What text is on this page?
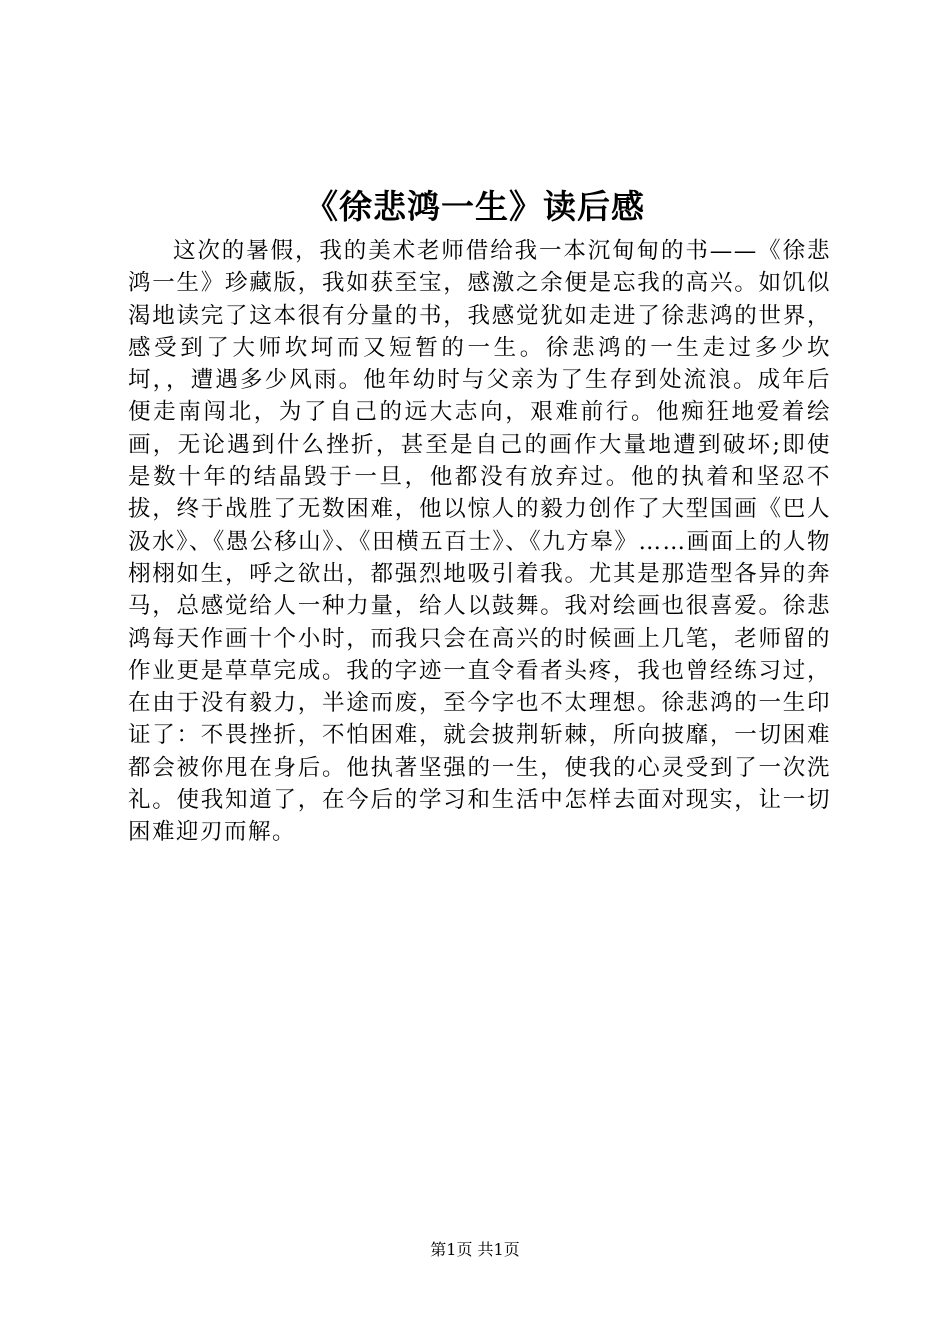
《徐悲鸿一生》读后感
这次的暑假，我的美术老师借给我一本沉甸甸的书——《徐悲鸿一生》珍藏版，我如获至宝，感激之余便是忘我的高兴。如饥似渴地读完了这本很有分量的书，我感觉犹如走进了徐悲鸿的世界，感受到了大师坎坷而又短暂的一生。徐悲鸿的一生走过多少坎坷，，遭遇多少风雨。他年幼时与父亲为了生存到处流浪。成年后便走南闯北，为了自己的远大志向，艰难前行。他痴狂地爱着绘画，无论遇到什么挫折，甚至是自己的画作大量地遭到破坏;即使是数十年的结晶毁于一旦，他都没有放弃过。他的执着和坚忍不拔，终于战胜了无数困难，他以惊人的毅力创作了大型国画《巴人汲水》、《愚公移山》、《田横五百士》、《九方皋》……画面上的人物栩栩如生，呼之欲出，都强烈地吸引着我。尤其是那造型各异的奔马，总感觉给人一种力量，给人以鼓舞。我对绘画也很喜爱。徐悲鸿每天作画十个小时，而我只会在高兴的时候画上几笔，老师留的作业更是草草完成。我的字迹一直令看者头疼，我也曾经练习过，在由于没有毅力，半途而废，至今字也不太理想。徐悲鸿的一生印证了：不畏挫折，不怕困难，就会披荆斩棘，所向披靡，一切困难都会被你甩在身后。他执著坚强的一生，使我的心灵受到了一次洗礼。使我知道了，在今后的学习和生活中怎样去面对现实，让一切困难迎刃而解。
第1页 共1页
